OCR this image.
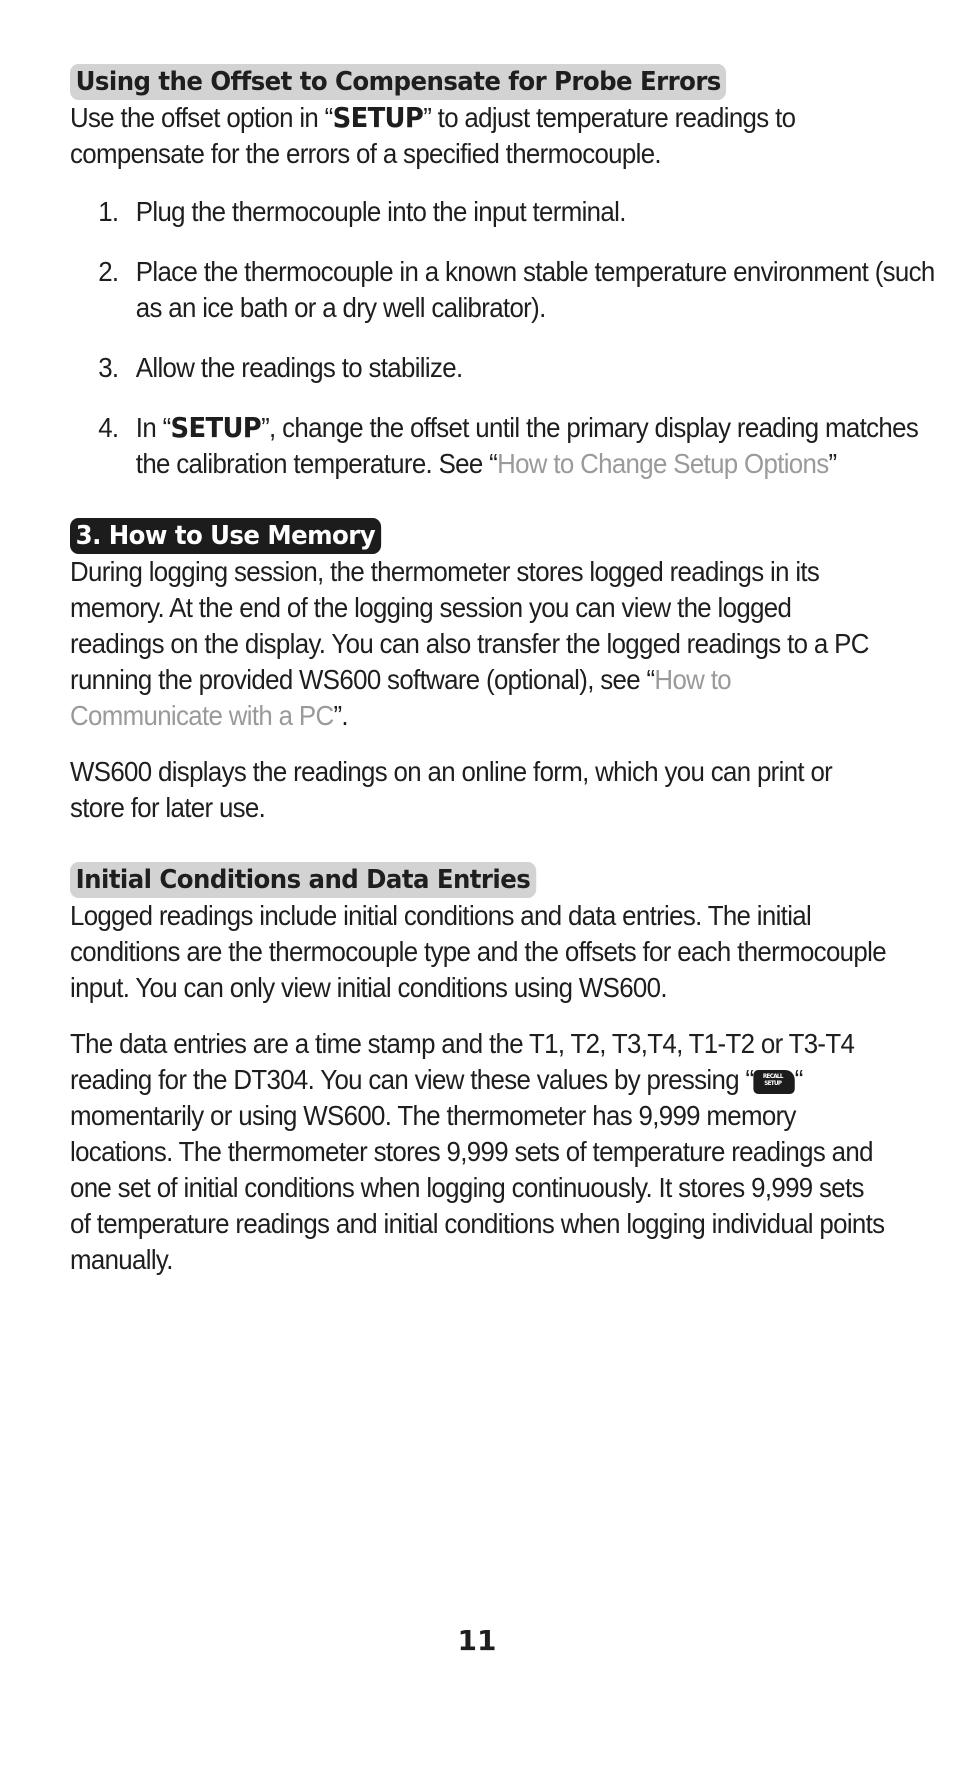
Using the Offset to Compensate for Probe Errors

Use the offset option in “SETUP” to adjust temperature readings to compensate for the errors of a specified thermocouple.

1. Plug the thermocouple into the input terminal.
2. Place the thermocouple in a known stable temperature environment (such as an ice bath or a dry well calibrator).
3. Allow the readings to stabilize.
4. In “SETUP”, change the offset until the primary display reading matches the calibration temperature. See “How to Change Setup Options”
3. How to Use Memory

During logging session, the thermometer stores logged readings in its memory. At the end of the logging session you can view the logged readings on the display. You can also transfer the logged readings to a PC running the provided WS600 software (optional), see “How to Communicate with a PC”.

WS600 displays the readings on an online form, which you can print or store for later use.

Initial Conditions and Data Entries

Logged readings include initial conditions and data entries. The initial conditions are the thermocouple type and the offsets for each thermocouple input. You can only view initial conditions using WS600.

The data entries are a time stamp and the T1, T2, T3,T4, T1-T2 or T3-T4 reading for the DT304. You can view these values by pressing “ RECALL
SETUP “ momentarily or using WS600. The thermometer has 9,999 memory locations. The thermometer stores 9,999 sets of temperature readings and one set of initial conditions when logging continuously. It stores 9,999 sets of temperature readings and initial conditions when logging individual points manually.

11
